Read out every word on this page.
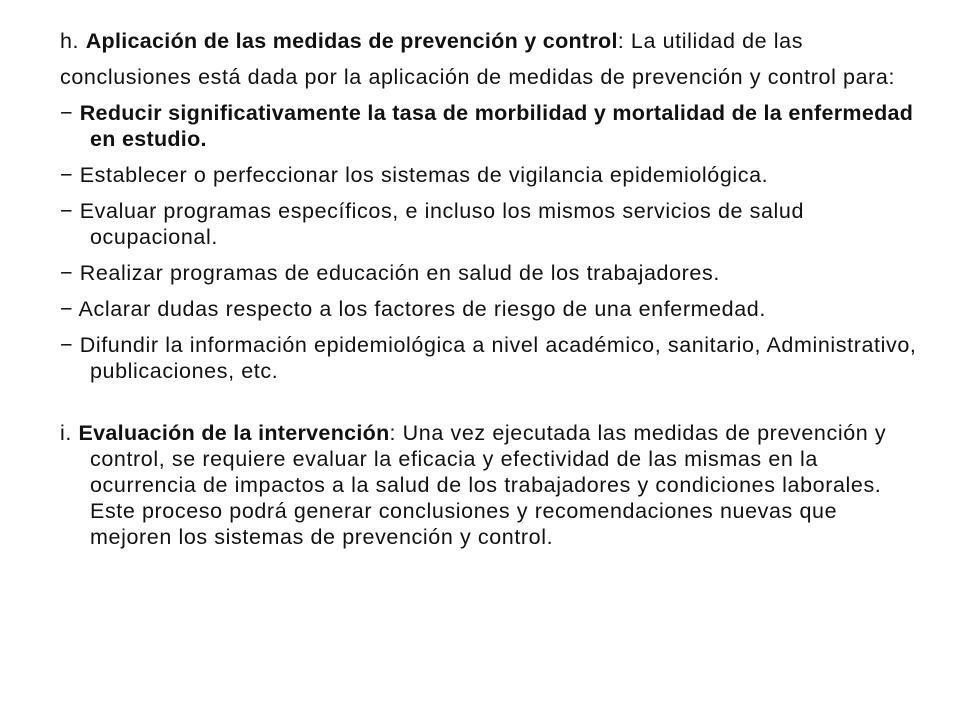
h. Aplicación de las medidas de prevención y control: La utilidad de las

conclusiones está dada por la aplicación de medidas de prevención y control para:

− Reducir significativamente la tasa de morbilidad y mortalidad de la enfermedad en estudio.

− Establecer o perfeccionar los sistemas de vigilancia epidemiológica.

− Evaluar programas específicos, e incluso los mismos servicios de salud ocupacional.

− Realizar programas de educación en salud de los trabajadores.

− Aclarar dudas respecto a los factores de riesgo de una enfermedad.

− Difundir la información epidemiológica a nivel académico, sanitario, Administrativo, publicaciones, etc.

i. Evaluación de la intervención: Una vez ejecutada las medidas de prevención y control, se requiere evaluar la eficacia y efectividad de las mismas en la ocurrencia de impactos a la salud de los trabajadores y condiciones laborales. Este proceso podrá generar conclusiones y recomendaciones nuevas que mejoren los sistemas de prevención y control.
